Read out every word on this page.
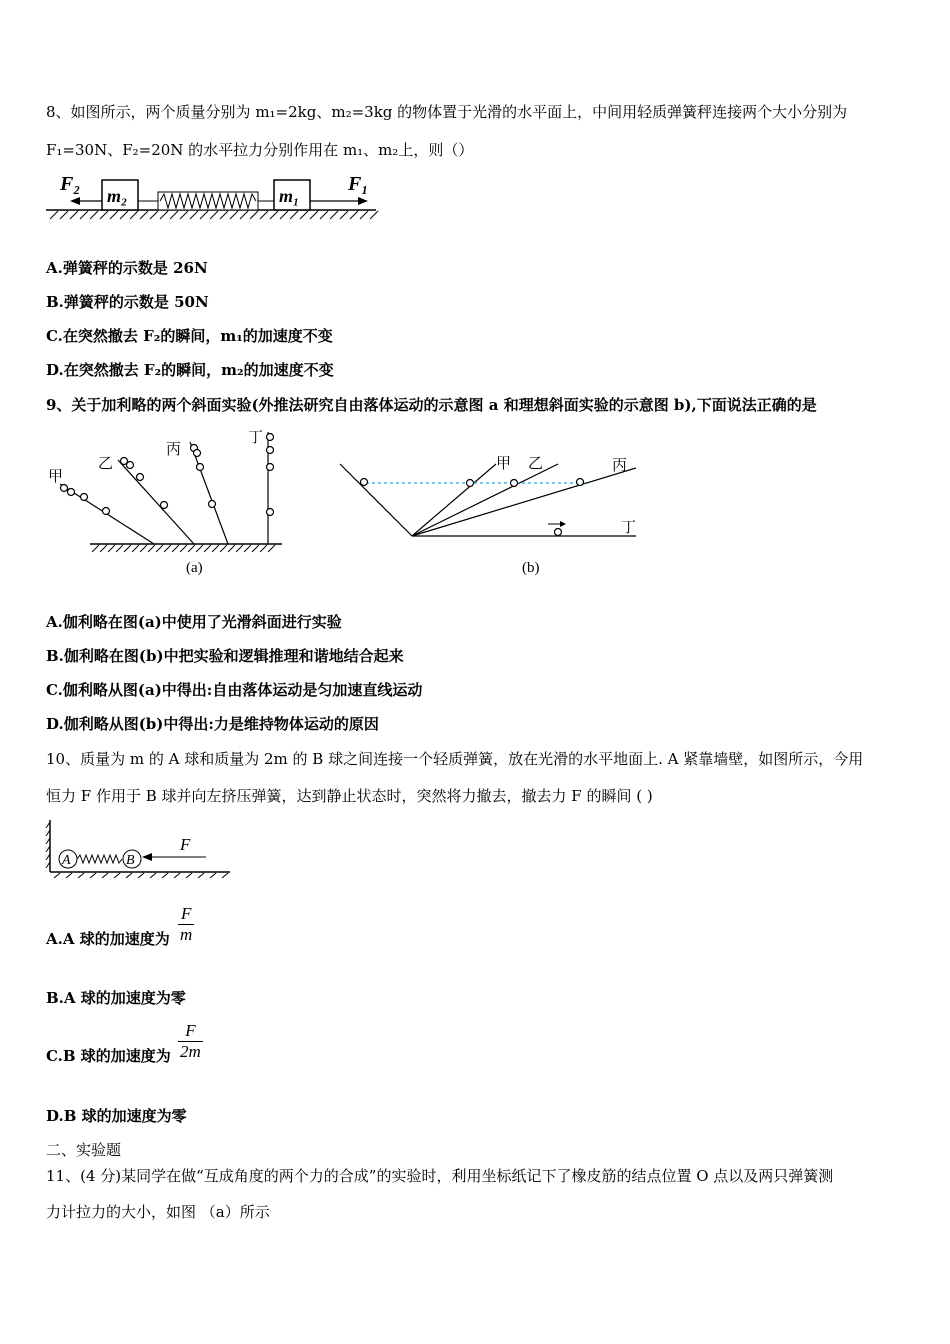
8、如图所示，两个质量分别为 m₁=2kg、m₂=3kg 的物体置于光滑的水平面上，中间用轻质弹簧秤连接两个大小分别为
F₁=30N、F₂=20N 的水平拉力分别作用在 m₁、m₂上，则（）
F₂
m₂	m₁
F₁
A.弹簧秤的示数是 26N
B.弹簧秤的示数是 50N
C.在突然撤去 F₂的瞬间，m₁的加速度不变
D.在突然撤去 F₂的瞬间，m₂的加速度不变
9、关于加利略的两个斜面实验(外推法研究自由落体运动的示意图 a 和理想斜面实验的示意图 b),下面说法正确的是
甲
乙
丙
丁
(a)
甲 乙	丙
丁
(b)
A.伽利略在图(a)中使用了光滑斜面进行实验
B.伽利略在图(b)中把实验和逻辑推理和谐地结合起来
C.伽利略从图(a)中得出:自由落体运动是匀加速直线运动
D.伽利略从图(b)中得出:力是维持物体运动的原因
10、质量为 m 的 A 球和质量为 2m 的 B 球之间连接一个轻质弹簧，放在光滑的水平地面上. A 紧靠墙壁，如图所示，今用
恒力 F 作用于 B 球并向左挤压弹簧，达到静止状态时，突然将力撤去，撤去力 F 的瞬间 ( )
A	B
F
A.A 球的加速度为
F
m
B.A 球的加速度为零
C.B 球的加速度为
F
2m
D.B 球的加速度为零
二、实验题
11、(4 分)某同学在做“互成角度的两个力的合成”的实验时，利用坐标纸记下了橡皮筋的结点位置 O 点以及两只弹簧测
力计拉力的大小，如图 （a）所示
